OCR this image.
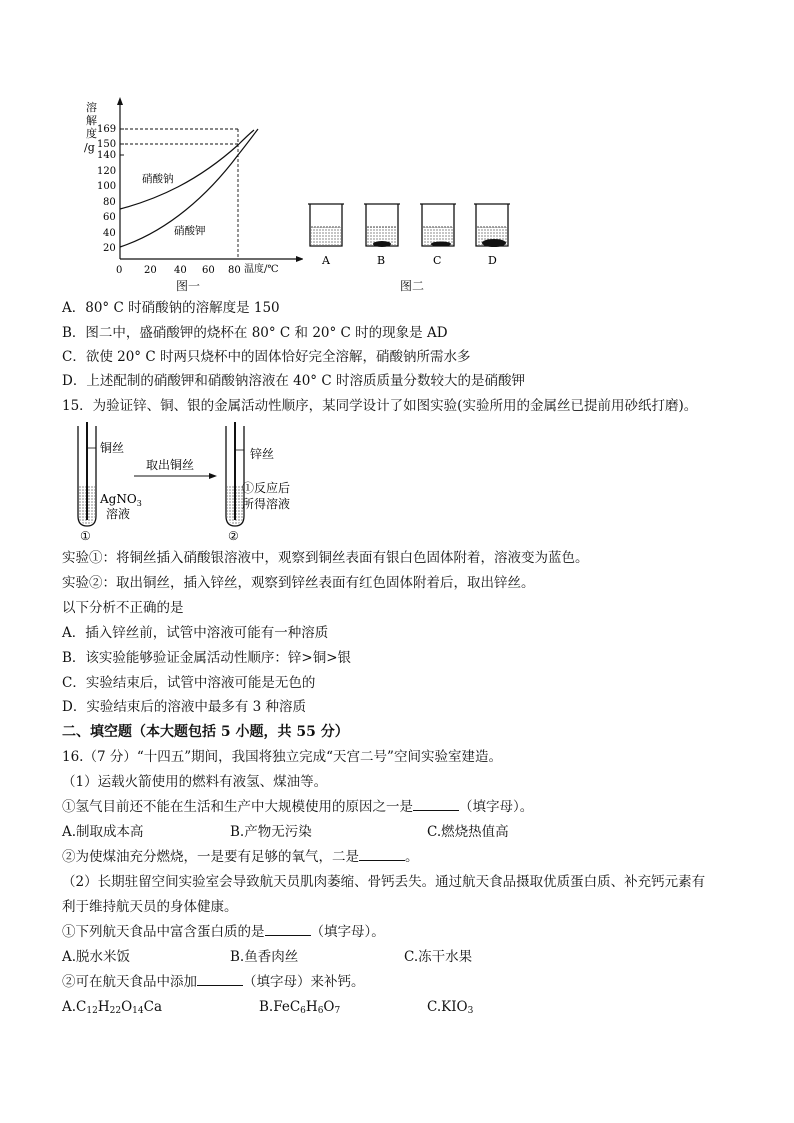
溶
解
度
/g
169
150
140
120
100
80
60
40
20
0 20 40 60 80 温度/℃
硝酸钠
硝酸钾
图一
A	B	C	D
图二
A．80° C 时硝酸钠的溶解度是 150
B．图二中，盛硝酸钾的烧杯在 80° C 和 20° C 时的现象是 AD
C．欲使 20° C 时两只烧杯中的固体恰好完全溶解，硝酸钠所需水多
D．上述配制的硝酸钾和硝酸钠溶液在 40° C 时溶质质量分数较大的是硝酸钾
15．为验证锌、铜、银的金属活动性顺序，某同学设计了如图实验(实验所用的金属丝已提前用砂纸打磨)。
铜丝
AgNO$_3$
溶液
①
取出铜丝
锌丝
①反应后
所得溶液
②
实验①：将铜丝插入硝酸银溶液中，观察到铜丝表面有银白色固体附着，溶液变为蓝色。
实验②：取出铜丝，插入锌丝，观察到锌丝表面有红色固体附着后，取出锌丝。
以下分析不正确的是
A．插入锌丝前，试管中溶液可能有一种溶质
B．该实验能够验证金属活动性顺序：锌>铜>银
C．实验结束后，试管中溶液可能是无色的
D．实验结束后的溶液中最多有 3 种溶质
二、填空题（本大题包括 5 小题，共 55 分）
16.（7 分）“十四五”期间，我国将独立完成“天宫二号”空间实验室建造。
（1）运载火箭使用的燃料有液氢、煤油等。
①氢气目前还不能在生活和生产中大规模使用的原因之一是	（填字母）。
A.制取成本高	B.产物无污染	C.燃烧热值高
②为使煤油充分燃烧，一是要有足够的氧气，二是	。
（2）长期驻留空间实验室会导致航天员肌肉萎缩、骨钙丢失。通过航天食品摄取优质蛋白质、补充钙元素有
利于维持航天员的身体健康。
①下列航天食品中富含蛋白质的是	（填字母）。
A.脱水米饭	B.鱼香肉丝	C.冻干水果
②可在航天食品中添加	（填字母）来补钙。
$A.C_{12}H_{22}O_{14}Ca$	$B.FeC_6H_6O_7$	$C.KIO_3$
